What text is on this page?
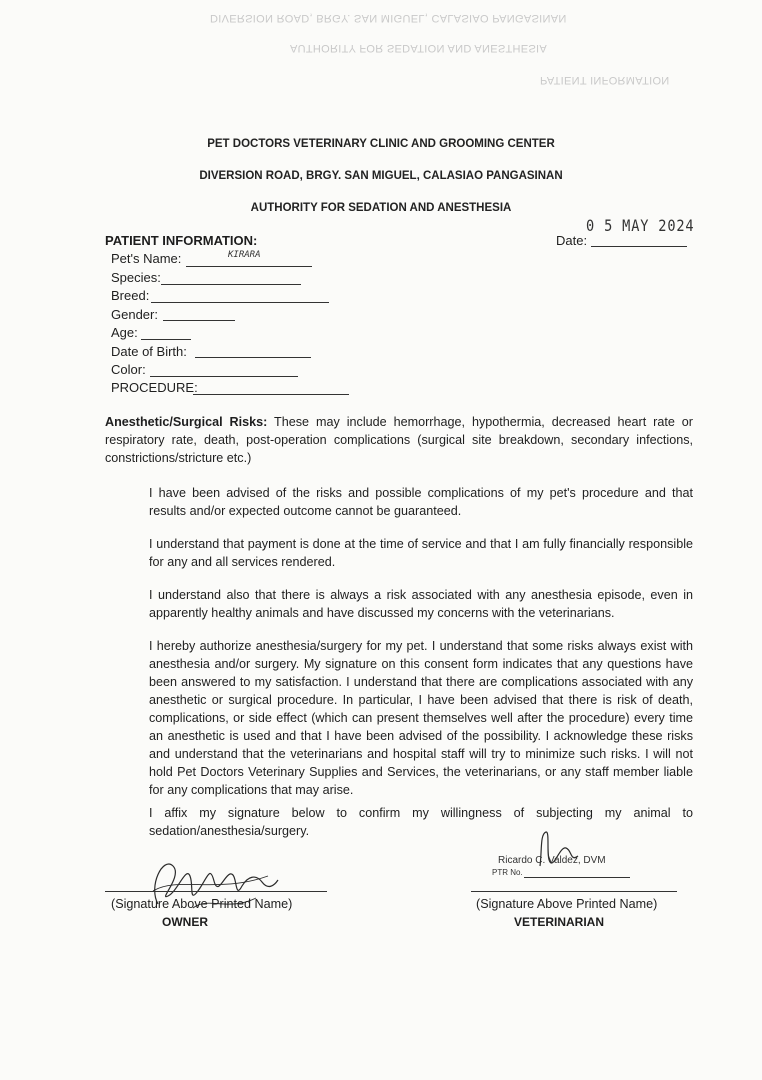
DIVERSION ROAD, BRGY. SAN MIGUEL, CALASIAO PANGASINAN
AUTHORITY FOR SEDATION AND ANESTHESIA
PATIENT INFORMATION
PET DOCTORS VETERINARY CLINIC AND GROOMING CENTER
DIVERSION ROAD, BRGY. SAN MIGUEL, CALASIAO PANGASINAN
AUTHORITY FOR SEDATION AND ANESTHESIA
PATIENT INFORMATION:	Date:
0 5 MAY 2024
Pet's Name:	KIRARA
Species:
Breed:
Gender:
Age:
Date of Birth:
Color:
PROCEDURE:
Anesthetic/Surgical Risks: These may include hemorrhage, hypothermia, decreased heart rate or respiratory rate, death, post-operation complications (surgical site breakdown, secondary infections, constrictions/stricture etc.)
I have been advised of the risks and possible complications of my pet's procedure and that results and/or expected outcome cannot be guaranteed.
I understand that payment is done at the time of service and that I am fully financially responsible for any and all services rendered.
I understand also that there is always a risk associated with any anesthesia episode, even in apparently healthy animals and have discussed my concerns with the veterinarians.
I hereby authorize anesthesia/surgery for my pet. I understand that some risks always exist with anesthesia and/or surgery. My signature on this consent form indicates that any questions have been answered to my satisfaction. I understand that there are complications associated with any anesthetic or surgical procedure. In particular, I have been advised that there is risk of death, complications, or side effect (which can present themselves well after the procedure) every time an anesthetic is used and that I have been advised of the possibility. I acknowledge these risks and understand that the veterinarians and hospital staff will try to minimize such risks. I will not hold Pet Doctors Veterinary Supplies and Services, the veterinarians, or any staff member liable for any complications that may arise.
I affix my signature below to confirm my willingness of subjecting my animal to sedation/anesthesia/surgery.
(Signature Above Printed Name)
OWNER
Ricardo C. Valdez, DVM
PTR No.
(Signature Above Printed Name)
VETERINARIAN
